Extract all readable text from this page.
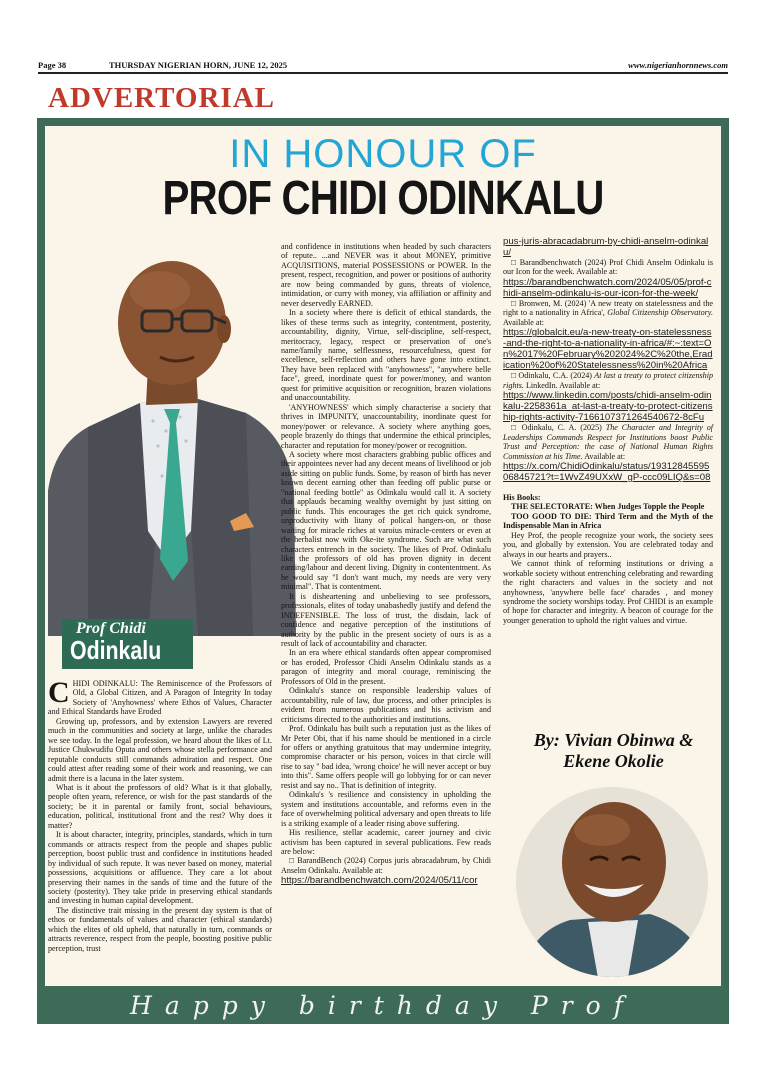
Page 38	THURSDAY NIGERIAN HORN, JUNE 12, 2025	www.nigerianhornnews.com
ADVERTORIAL
Happy birthday Prof
IN HONOUR OF
PROF CHIDI ODINKALU
Prof Chidi
Odinkalu

CHIDI ODINKALU: The Reminiscence of the Professors of Old, a Global Citizen, and A Paragon of Integrity In today Society of 'Anyhowness' where Ethos of Values, Character and Ethical Standards have Eroded

Growing up, professors, and by extension Lawyers are revered much in the communities and society at large, unlike the charades we see today. In the legal profession, we heard about the likes of Lt. Justice Chukwudifu Oputa and others whose stella performance and reputable conducts still commands admiration and respect. One could attest after reading some of their work and reasoning, we can admit there is a lacuna in the later system.

What is it about the professors of old? What is it that globally, people often yearn, reference, or wish for the past standards of the society; be it in parental or family front, social behaviours, education, political, institutional front and the rest? Why does it matter?

It is about character, integrity, principles, standards, which in turn commands or attracts respect from the people and shapes public perception, boost public trust and confidence in institutions headed by individual of such repute. It was never based on money, material possessions, acquisitions or affluence. They care a lot about preserving their names in the sands of time and the future of the society (posterity). They take pride in preserving ethical standards and investing in human capital development.

The distinctive trait missing in the present day system is that of ethos or fundamentals of values and character (ethical standards) which the elites of old upheld, that naturally in turn, commands or attracts reverence, respect from the people, boosting positive public perception, trust

and confidence in institutions when headed by such characters of repute.. ...and NEVER was it about MONEY, primitive ACQUISITIONS, material POSSESSIONS or POWER. In the present, respect, recognition, and power or positions of authority are now being commanded by guns, threats of violence, intimidation, or curry with money, via affiliation or affinity and never deservedly EARNED.

In a society where there is deficit of ethical standards, the likes of these terms such as integrity, contentment, posterity, accountability, dignity, Virtue, self-discipline, self-respect, meritocracy, legacy, respect or preservation of one's name/family name, selflessness, resourcefulness, quest for excellence, self-reflection and others have gone into extinct. They have been replaced with "anyhowness", "anywhere belle face", greed, inordinate quest for power/money, and wanton quest for primitive acquisition or recognition, brazen violations and unaccountability.

'ANYHOWNESS' which simply characterise a society that thrives in IMPUNITY, unaccountability, inordinate quest for money/power or relevance. A society where anything goes, people brazenly do things that undermine the ethical principles, character and reputation for money/power or recognition.

A society where most characters grabbing public offices and their appointees never had any decent means of livelihood or job aside sitting on public funds. Some, by reason of birth has never known decent earning other than feeding off public purse or "national feeding bottle" as Odinkalu would call it. A society that applauds becaming wealthy overnight by just sitting on public funds. This encourages the get rich quick syndrome, unproductivity with litany of polical hangers-on, or those waiting for miracle riches at varoius miracle-centers or even at the herbalist now with Oke-ite syndrome. Such are what such characters entrench in the society. The likes of Prof. Odinkalu like the professors of old has proven dignity in decent earning/labour and decent living. Dignity in contententment. As he would say "I don't want much, my needs are very very minimal". That is contentment.

It is disheartening and unbelieving to see professors, professionals, elites of today unabashedly justify and defend the INDEFENSIBLE. The loss of trust, the disdain, lack of confidence and negative perception of the institutions of authority by the public in the present society of ours is as a result of lack of accountability and character.

In an era where ethical standards often appear compromised or has eroded, Professor Chidi Anselm Odinkalu stands as a paragon of integrity and moral courage, reminiscing the Professors of Old in the present.

Odinkalu's stance on responsible leadership values of accountability, rule of law, due process, and other principles is evident from numerous publications and his activism and criticisms directed to the authorities and institutions.

Prof. Odinkalu has built such a reputation just as the likes of Mr Peter Obi, that if his name should be mentioned in a circle for offers or anything gratuitous that may undermine integrity, compromise character or his person, voices in that circle will rise to say " bad idea, 'wrong choice' he will never accept or buy into this". Same offers people will go lobbying for or can never resist and say no.. That is definition of integrity.

Odinkalu's 's resilience and consistency in upholding the system and institutions accountable, and reforms even in the face of overwhelming political adversary and open threats to life is a striking example of a leader rising above suffering.

His resilience, stellar academic, career journey and civic activism has been captured in several publications. Few reads are below:

□ BarandBench (2024) Corpus juris abracadabrum, by Chidi Anselm Odinkalu. Available at:

https://barandbenchwatch.com/2024/05/11/cor

pus-juris-abracadabrum-by-chidi-anselm-odinkalu/

□ Barandbenchwatch (2024) Prof Chidi Anselm Odinkalu is our Icon for the week. Available at:

https://barandbenchwatch.com/2024/05/05/prof-chidi-anselm-odinkalu-is-our-icon-for-the-week/

□ Bronwen, M. (2024) 'A new treaty on statelessness and the right to a nationality in Africa', Global Citizenship Observatory. Available at:

https://globalcit.eu/a-new-treaty-on-statelessness-and-the-right-to-a-nationality-in-africa/#:~:text=On%2017%20February%202024%2C%20the,Eradication%20of%20Statelessness%20in%20Africa

□ Odinkalu, C.A. (2024) At last a treaty to protect citizenship rights. LinkedIn. Available at:

https://www.linkedin.com/posts/chidi-anselm-odinkalu-2258361a_at-last-a-treaty-to-protect-citizenship-rights-activity-7166107371264540672-8cFu

□ Odinkalu, C. A. (2025) The Character and Integrity of Leaderships Commands Respect for Institutions boost Public Trust and Perception: the case of National Human Rights Commission at his Time. Available at:

https://x.com/ChidiOdinkalu/status/1931284559506845721?t=1WvZ49UXxW_gP-ccc09LIQ&s=08

His Books:

THE SELECTORATE: When Judges Topple the People

TOO GOOD TO DIE: Third Term and the Myth of the Indispensable Man in Africa

Hey Prof, the people recognize your work, the society sees you, and globally by extension. You are celebrated today and always in our hearts and prayers..

We cannot think of reforming institutions or driving a workable society without entrenching celebrating and rewarding the right characters and values in the society and not anyhowness, 'anywhere belle face' charades , and money syndrome the society worships today. Prof CHIDI is an example of hope for character and integrity. A beacon of courage for the younger generation to uphold the right values and virtue.

By: Vivian Obinwa &
Ekene Okolie
